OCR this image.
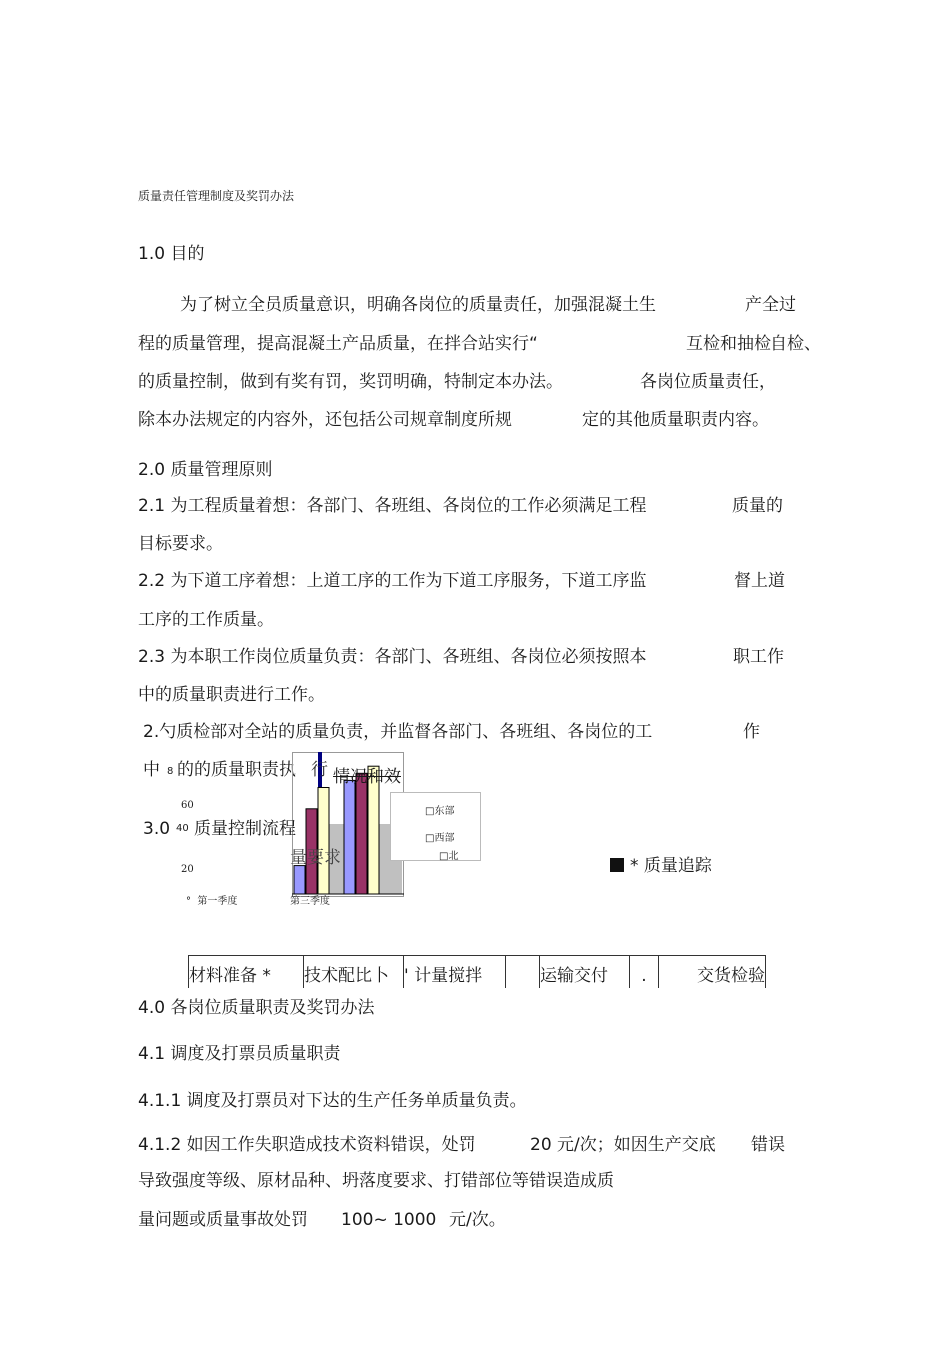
质量责任管理制度及奖罚办法
1.0 目的
为了树立全员质量意识，明确各岗位的质量责任，加强混凝土生	产全过
程的质量管理，提高混凝土产品质量，在拌合站实行“	互检和抽检 自检、
的质量控制，做到有奖有罚，奖罚明确，特制定本办法。	各岗位质量责任，
除本办法规定的内容外，还包括公司规章制度所规	定的其他质量职责内容。
2.0 质量管理原则
2.1 为工程质量着想：各部门、各班组、各岗位的工作必须满足工程	质量的
目标要求。
2.2 为下道工序着想：上道工序的工作为下道工序服务，下道工序监	督上道
工序的工作质量。
2.3 为本职工作岗位质量负责：各部门、各班组、各岗位必须按照本	职工作
中的质量职责进行工作。
2.勺质检部对全站的质量负责，并监督各部门、各班组、各岗位的工	作
中 8 的的质量职责执 行 情况和效
60
20
3.0 40 质量控制流程
量要求
□东部
□西部
□北
° 第一季度	第三季度
* 质量追踪
材料准备 *	技术配比卜 ' 计量搅拌	运输交付	.	交货检验
4.0 各岗位质量职责及奖罚办法
4.1 调度及打票员质量职责
4.1.1 调度及打票员对下达的生产任务单质量负责。
4.1.2 如因工作失职造成技术资料错误，处罚	20 元/次；如因生产交底 错误
导致强度等级、原材品种、坍落度要求、打错部位等错误造成质
量问题或质量事故处罚 100~ 1000 元/次。
